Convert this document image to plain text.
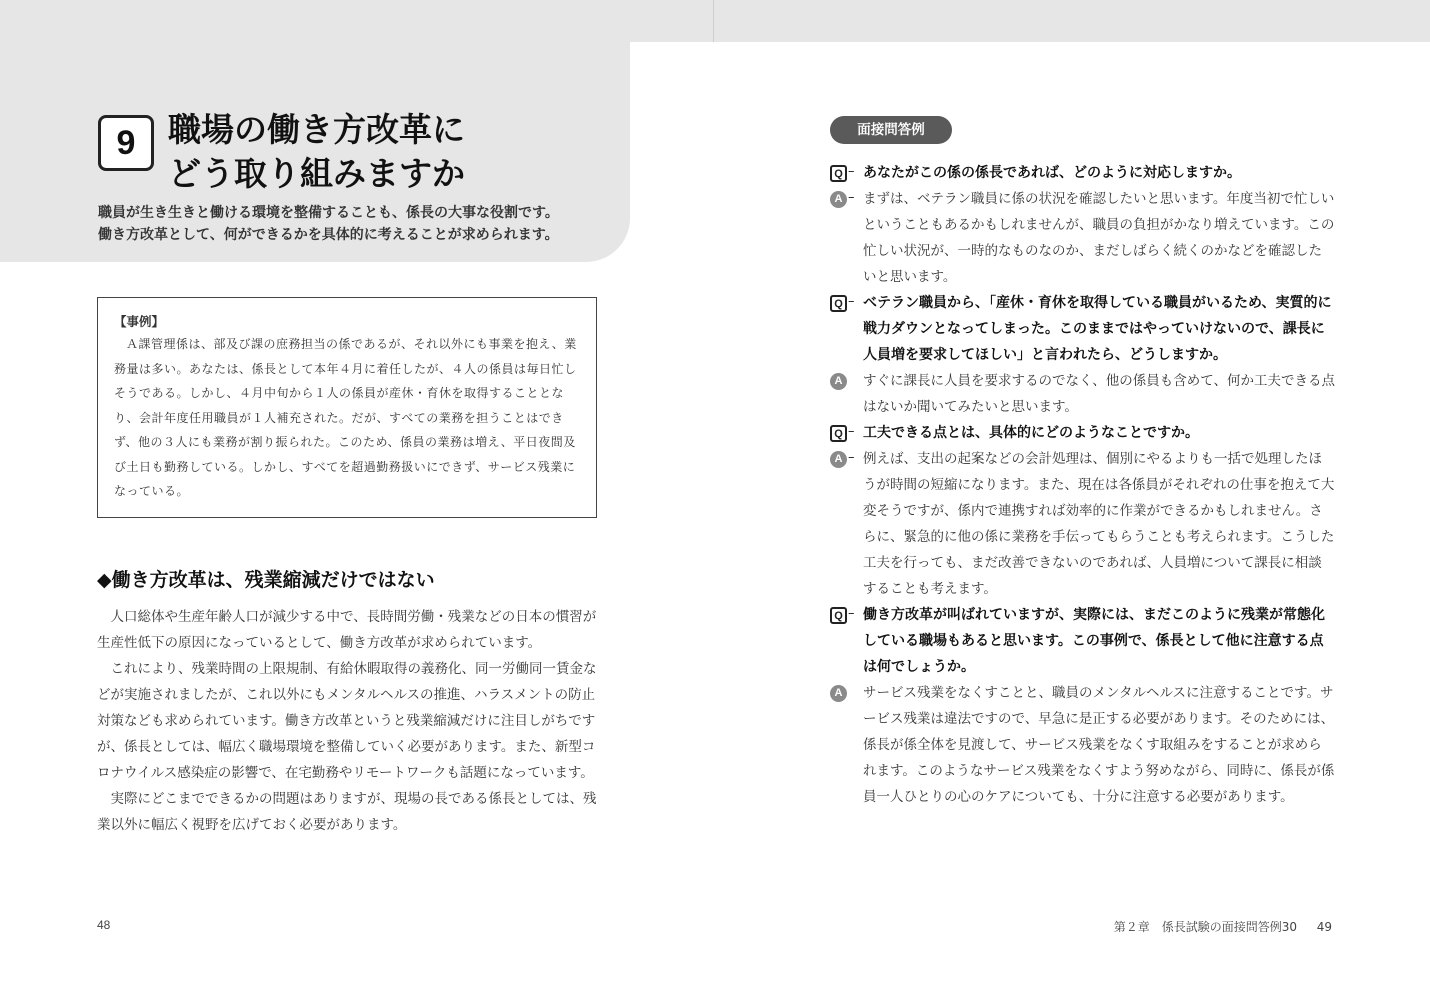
9 職場の働き方改革に
どう取り組みますか
職員が生き生きと働ける環境を整備することも、係長の大事な役割です。
働き方改革として、何ができるかを具体的に考えることが求められます。
【事例】
Ａ課管理係は、部及び課の庶務担当の係であるが、それ以外にも事業を抱え、業務量は多い。あなたは、係長として本年４月に着任したが、４人の係員は毎日忙しそうである。しかし、４月中旬から１人の係員が産休・育休を取得することとなり、会計年度任用職員が１人補充された。だが、すべての業務を担うことはできず、他の３人にも業務が割り振られた。このため、係員の業務は増え、平日夜間及び土日も勤務している。しかし、すべてを超過勤務扱いにできず、サービス残業になっている。
◆働き方改革は、残業縮減だけではない

人口総体や生産年齢人口が減少する中で、長時間労働・残業などの日本の慣習が生産性低下の原因になっているとして、働き方改革が求められています。

これにより、残業時間の上限規制、有給休暇取得の義務化、同一労働同一賃金などが実施されましたが、これ以外にもメンタルヘルスの推進、ハラスメントの防止対策なども求められています。働き方改革というと残業縮減だけに注目しがちですが、係長としては、幅広く職場環境を整備していく必要があります。また、新型コロナウイルス感染症の影響で、在宅勤務やリモートワークも話題になっています。

実際にどこまでできるかの問題はありますが、現場の長である係長としては、残業以外に幅広く視野を広げておく必要があります。

48
面接問答例
Q – あなたがこの係の係長であれば、どのように対応しますか。
A – まずは、ベテラン職員に係の状況を確認したいと思います。年度当初で忙しいということもあるかもしれませんが、職員の負担がかなり増えています。この忙しい状況が、一時的なものなのか、まだしばらく続くのかなどを確認したいと思います。
Q – ベテラン職員から、「産休・育休を取得している職員がいるため、実質的に戦力ダウンとなってしまった。このままではやっていけないので、課長に人員増を要求してほしい」と言われたら、どうしますか。
A	すぐに課長に人員を要求するのでなく、他の係員も含めて、何か工夫できる点はないか聞いてみたいと思います。
Q – 工夫できる点とは、具体的にどのようなことですか。
A – 例えば、支出の起案などの会計処理は、個別にやるよりも一括で処理したほうが時間の短縮になります。また、現在は各係員がそれぞれの仕事を抱えて大変そうですが、係内で連携すれば効率的に作業ができるかもしれません。さらに、緊急的に他の係に業務を手伝ってもらうことも考えられます。こうした工夫を行っても、まだ改善できないのであれば、人員増について課長に相談することも考えます。
Q – 働き方改革が叫ばれていますが、実際には、まだこのように残業が常態化している職場もあると思います。この事例で、係長として他に注意する点は何でしょうか。
A	サービス残業をなくすことと、職員のメンタルヘルスに注意することです。サービス残業は違法ですので、早急に是正する必要があります。そのためには、係長が係全体を見渡して、サービス残業をなくす取組みをすることが求められます。このようなサービス残業をなくすよう努めながら、同時に、係長が係員一人ひとりの心のケアについても、十分に注意する必要があります。
第２章　係長試験の面接問答例30 　 49
